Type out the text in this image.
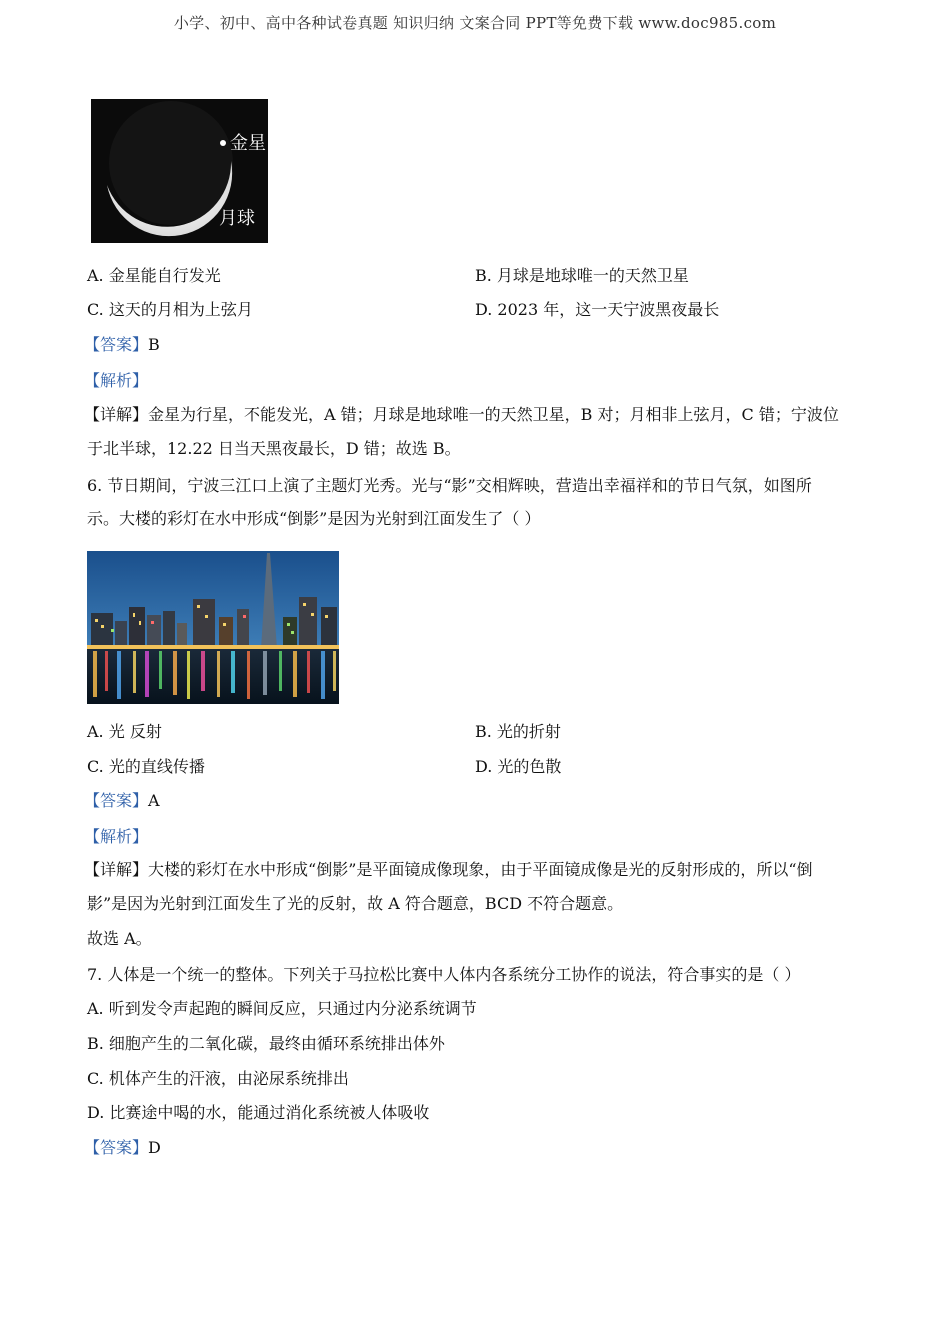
小学、初中、高中各种试卷真题 知识归纳 文案合同 PPT等免费下载 www.doc985.com
金星
月球
A. 金星能自行发光	B. 月球是地球唯一的天然卫星
C. 这天的月相为上弦月	D. 2023 年，这一天宁波黑夜最长
【答案】B
【解析】
【详解】金星为行星，不能发光，A 错；月球是地球唯一的天然卫星，B 对；月相非上弦月，C 错；宁波位
于北半球，12.22 日当天黑夜最长，D 错；故选 B。
6. 节日期间，宁波三江口上演了主题灯光秀。光与“影”交相辉映，营造出幸福祥和的节日气氛，如图所
示。大楼的彩灯在水中形成“倒影”是因为光射到江面发生了（ ）
A. 光 反射	B. 光的折射
C. 光的直线传播	D. 光的色散
【答案】A
【解析】
【详解】大楼的彩灯在水中形成“倒影”是平面镜成像现象，由于平面镜成像是光的反射形成的，所以“倒
影”是因为光射到江面发生了光的反射，故 A 符合题意，BCD 不符合题意。
故选 A。
7. 人体是一个统一的整体。下列关于马拉松比赛中人体内各系统分工协作的说法，符合事实的是（ ）
A. 听到发令声起跑的瞬间反应，只通过内分泌系统调节
B. 细胞产生的二氧化碳，最终由循环系统排出体外
C. 机体产生的汗液，由泌尿系统排出
D. 比赛途中喝的水，能通过消化系统被人体吸收
【答案】D
